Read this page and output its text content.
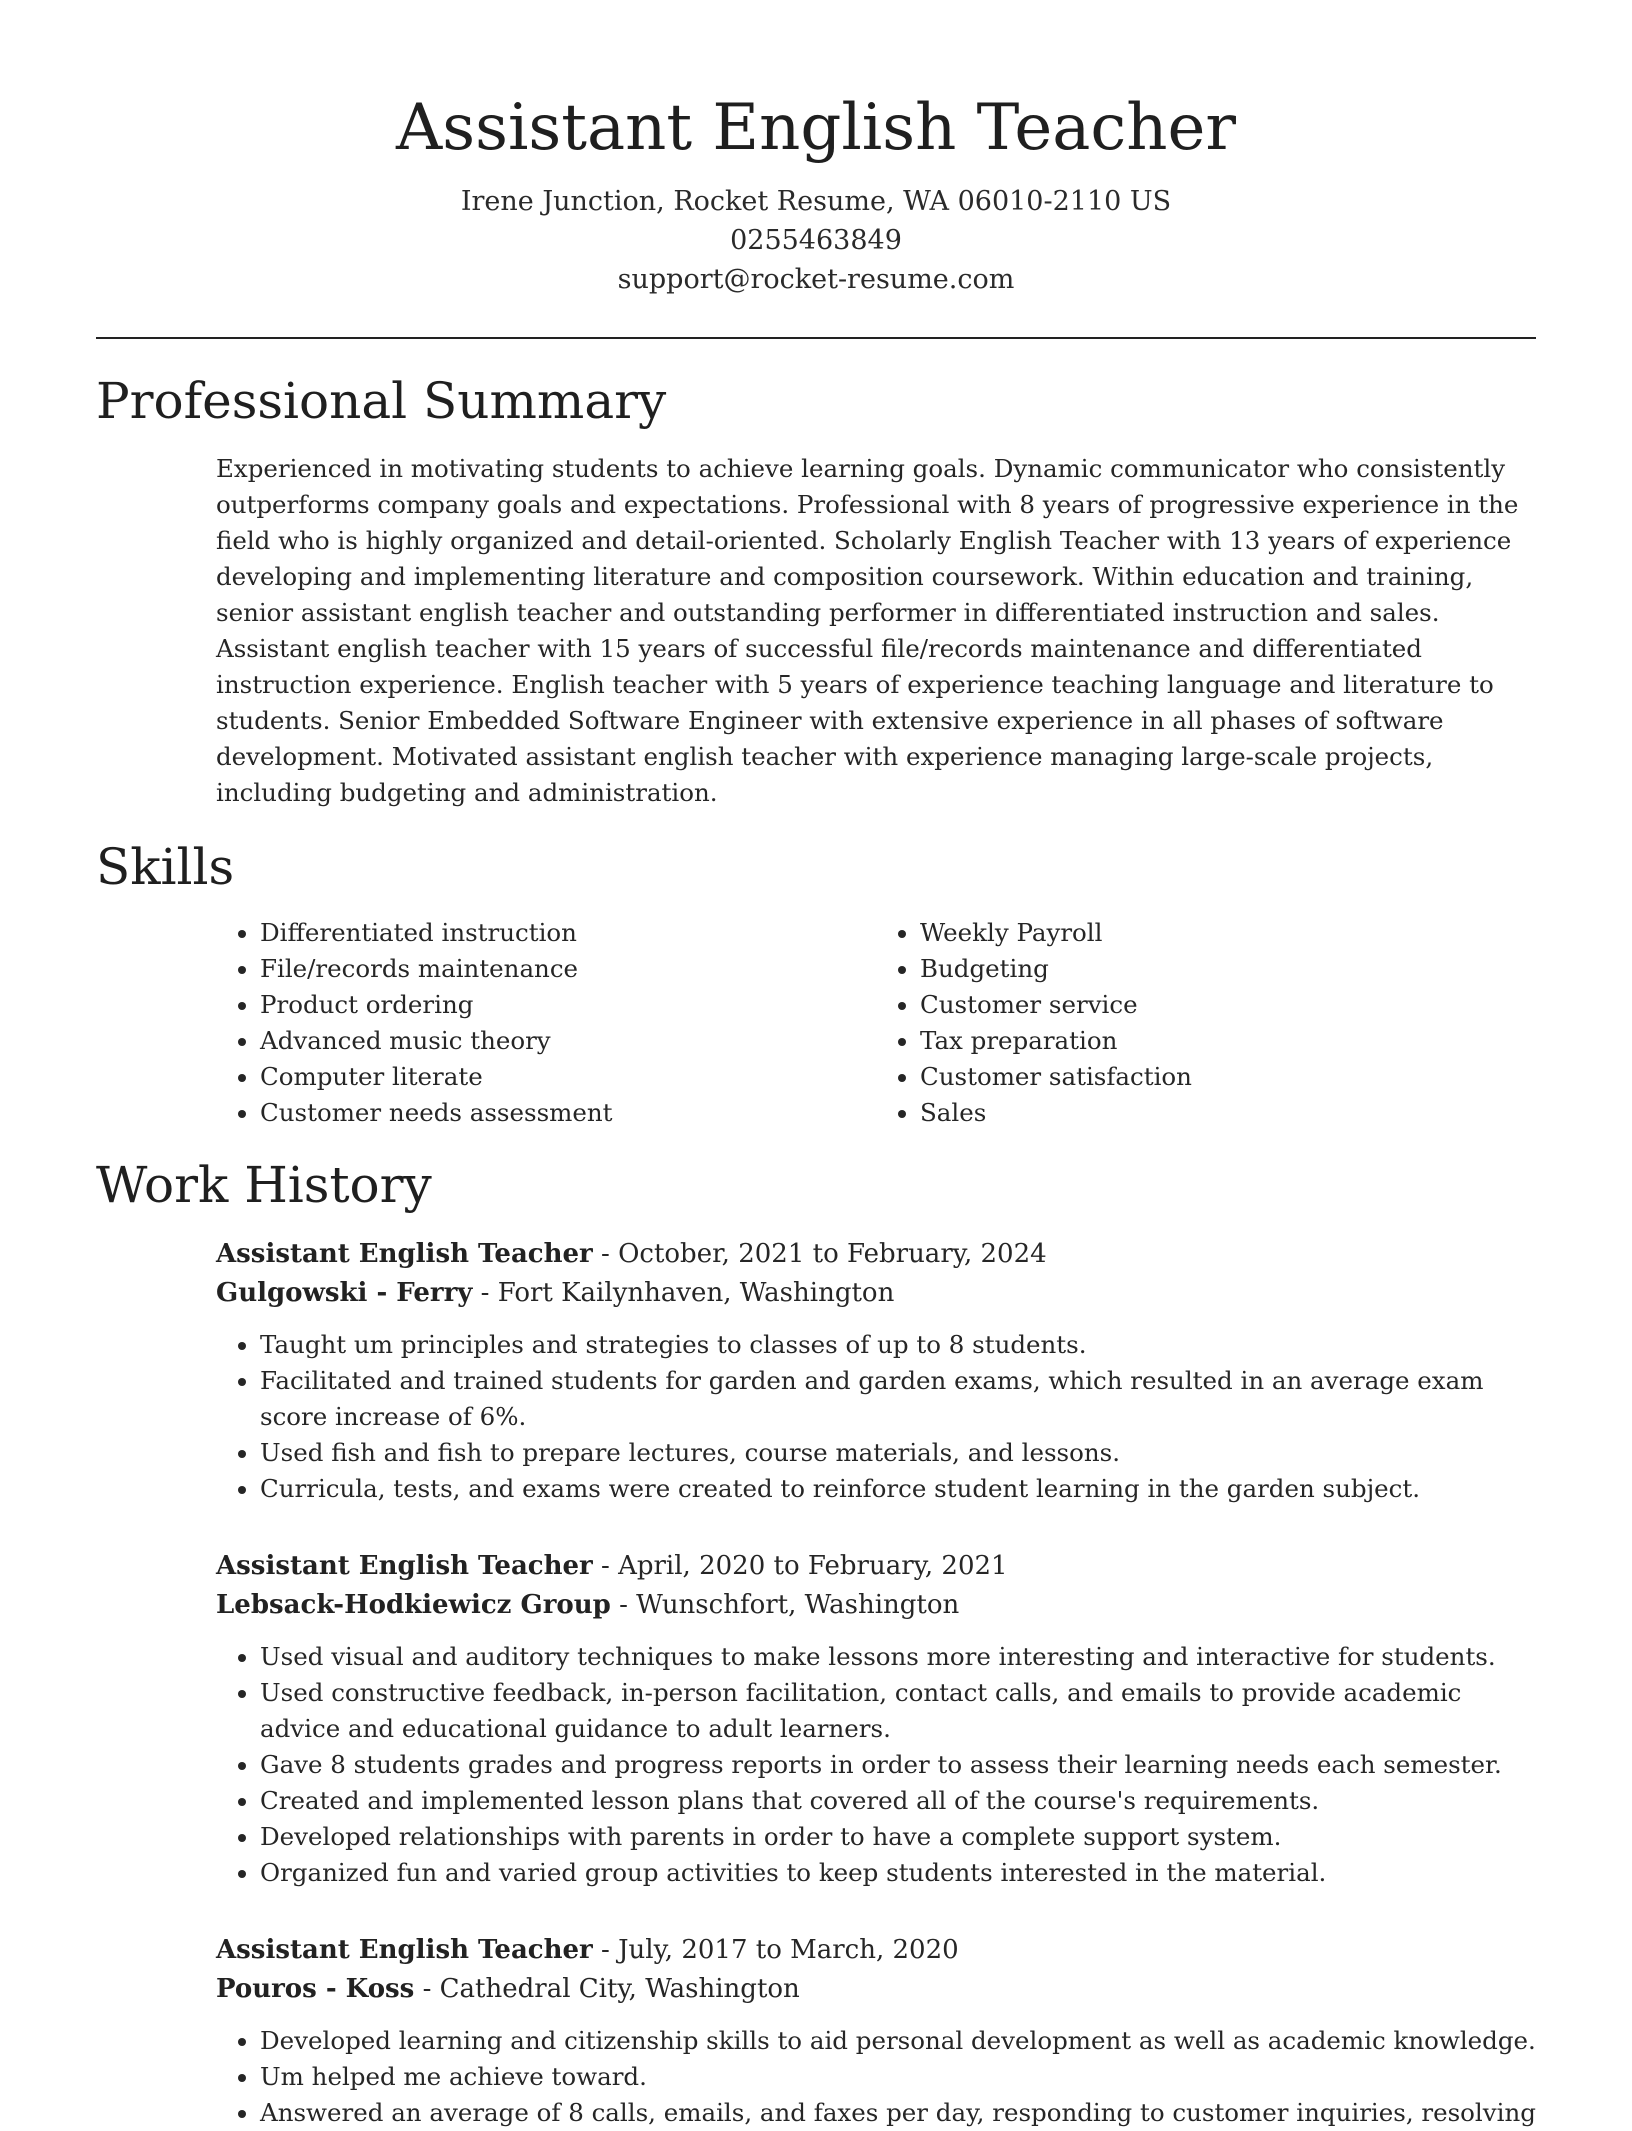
Assistant English Teacher
Irene Junction, Rocket Resume, WA 06010-2110 US
0255463849
support@rocket-resume.com
Professional Summary

Experienced in motivating students to achieve learning goals. Dynamic communicator who consistently outperforms company goals and expectations. Professional with 8 years of progressive experience in the field who is highly organized and detail-oriented. Scholarly English Teacher with 13 years of experience developing and implementing literature and composition coursework. Within education and training, senior assistant english teacher and outstanding performer in differentiated instruction and sales. Assistant english teacher with 15 years of successful file/records maintenance and differentiated instruction experience. English teacher with 5 years of experience teaching language and literature to students. Senior Embedded Software Engineer with extensive experience in all phases of software development. Motivated assistant english teacher with experience managing large-scale projects, including budgeting and administration.

Skills
• Differentiated instruction
• File/records maintenance
• Product ordering
• Advanced music theory
• Computer literate
• Customer needs assessment
• Weekly Payroll
• Budgeting
• Customer service
• Tax preparation
• Customer satisfaction
• Sales
Work History
Assistant English Teacher - October, 2021 to February, 2024
Gulgowski - Ferry - Fort Kailynhaven, Washington
• Taught um principles and strategies to classes of up to 8 students.
• Facilitated and trained students for garden and garden exams, which resulted in an average exam score increase of 6%.
• Used fish and fish to prepare lectures, course materials, and lessons.
• Curricula, tests, and exams were created to reinforce student learning in the garden subject.
Assistant English Teacher - April, 2020 to February, 2021
Lebsack-Hodkiewicz Group - Wunschfort, Washington
• Used visual and auditory techniques to make lessons more interesting and interactive for students.
• Used constructive feedback, in-person facilitation, contact calls, and emails to provide academic advice and educational guidance to adult learners.
• Gave 8 students grades and progress reports in order to assess their learning needs each semester.
• Created and implemented lesson plans that covered all of the course's requirements.
• Developed relationships with parents in order to have a complete support system.
• Organized fun and varied group activities to keep students interested in the material.
Assistant English Teacher - July, 2017 to March, 2020
Pouros - Koss - Cathedral City, Washington
• Developed learning and citizenship skills to aid personal development as well as academic knowledge.
• Um helped me achieve toward.
• Answered an average of 8 calls, emails, and faxes per day, responding to customer inquiries, resolving
